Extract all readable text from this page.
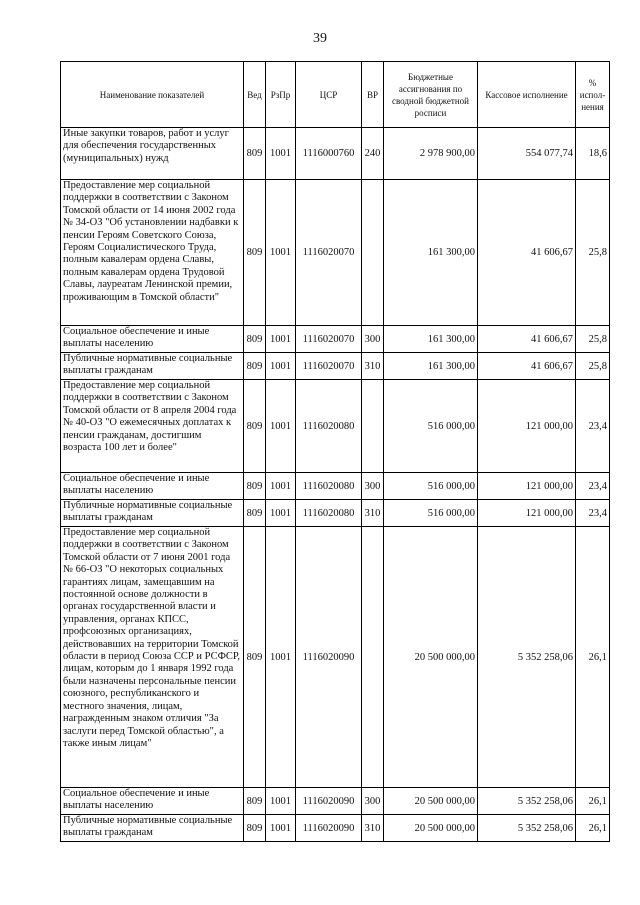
39
Наименование показателей	Вед	РзПр	ЦСР	ВР	Бюджетные ассигнования по сводной бюджетной росписи	Кассовое исполнение	% испол-нения
Иные закупки товаров, работ и услуг для обеспечения государственных (муниципальных) нужд	809	1001	1116000760	240	2 978 900,00	554 077,74	18,6
Предоставление мер социальной поддержки в соответствии с Законом Томской области от 14 июня 2002 года № 34-ОЗ "Об установлении надбавки к пенсии Героям Советского Союза, Героям Социалистического Труда, полным кавалерам ордена Славы, полным кавалерам ордена Трудовой Славы, лауреатам Ленинской премии, проживающим в Томской области"	809	1001	1116020070		161 300,00	41 606,67	25,8
Социальное обеспечение и иные выплаты населению	809	1001	1116020070	300	161 300,00	41 606,67	25,8
Публичные нормативные социальные выплаты гражданам	809	1001	1116020070	310	161 300,00	41 606,67	25,8
Предоставление мер социальной поддержки в соответствии с Законом Томской области от 8 апреля 2004 года № 40-ОЗ "О ежемесячных доплатах к пенсии гражданам, достигшим возраста 100 лет и более"	809	1001	1116020080		516 000,00	121 000,00	23,4
Социальное обеспечение и иные выплаты населению	809	1001	1116020080	300	516 000,00	121 000,00	23,4
Публичные нормативные социальные выплаты гражданам	809	1001	1116020080	310	516 000,00	121 000,00	23,4
Предоставление мер социальной поддержки в соответствии с Законом Томской области от 7 июня 2001 года № 66-ОЗ "О некоторых социальных гарантиях лицам, замещавшим на постоянной основе должности в органах государственной власти и управления, органах КПСС, профсоюзных организациях, действовавших на территории Томской области в период Союза ССР и РСФСР, лицам, которым до 1 января 1992 года были назначены персональные пенсии союзного, республиканского и местного значения, лицам, награжденным знаком отличия "За заслуги перед Томской областью", а также иным лицам"	809	1001	1116020090		20 500 000,00	5 352 258,06	26,1
Социальное обеспечение и иные выплаты населению	809	1001	1116020090	300	20 500 000,00	5 352 258,06	26,1
Публичные нормативные социальные выплаты гражданам	809	1001	1116020090	310	20 500 000,00	5 352 258,06	26,1
